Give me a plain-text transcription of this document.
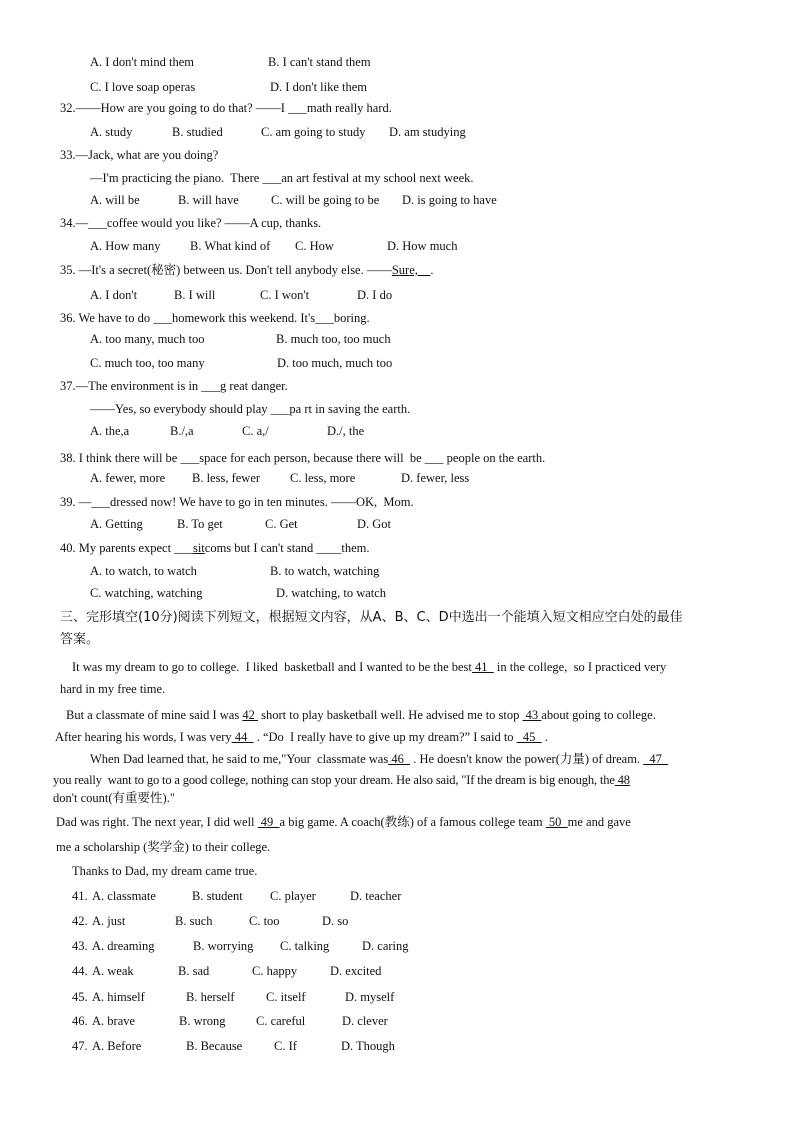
A. I don't mind them	B. I can't stand them
C. I love soap operas	D. I don't like them
32.——How are you going to do that? ——I ___math really hard.
A. study	B. studied	C. am going to study D. am studying
33.—Jack, what are you doing?
—I'm practicing the piano.  There ___an art festival at my school next week.
A. will be	B. will have	C. will be going to be D. is going to have
34.—___coffee would you like? ——A cup, thanks.
A. How many B. What kind of C. How	D. How much
35. —It's a secret(秘密) between us. Don't tell anybody else. ——Sure,    .
A. I don't	B. I will	C. I won't	D. I do
36. We have to do ___homework this weekend. It's___boring.
A. too many, much too	B. much too, too much
C. much too, too many	D. too much, much too
37.—The environment is in ___g reat danger.
——Yes, so everybody should play ___pa rt in saving the earth.
A. the,a	B./,a	C. a,/	D./, the
38. I think there will be ___space for each person, because there will  be ___ people on the earth.
A. fewer, more B. less, fewer C. less, more	D. fewer, less
39. —___dressed now! We have to go in ten minutes. ——OK,  Mom.
A. Getting	B. To get	C. Get	D. Got
40. My parents expect ___sitcoms but I can't stand ____them.
A. to watch, to watch	B. to watch, watching
C. watching, watching	D. watching, to watch
三、完形填空(10分)阅读下列短文，根据短文内容，从A、B、C、D中选出一个能填入短文相应空白处的最佳
答案。
It was my dream to go to college.  I liked  basketball and I wanted to be the best 41   in the college,  so I practiced very
hard in my free time.
But a classmate of mine said I was 42  short to play basketball well. He advised me to stop  43 about going to college.
After hearing his words, I was very 44   . “Do  I really have to give up my dream?” I said to   45   .
When Dad learned that, he said to me,"Your  classmate was 46   . He doesn't know the power(力量) of dream.   47
you really  want to go to a good college, nothing can stop your dream. He also said, "If the dream is big enough, the 48
don't count(有重要性)."
Dad was right. The next year, I did well  49  a big game. A coach(教练) of a famous college team  50  me and gave
me a scholarship (奖学金) to their college.
Thanks to Dad, my dream came true.
41. A. classmate	B. student C. player	D. teacher
42. A. just	B. such	C. too	D. so
43. A. dreaming	B. worrying C. talking	D. caring
44. A. weak	B. sad	C. happy	D. excited
45. A. himself	B. herself	C. itself	D. myself
46. A. brave	B. wrong C. careful	D. clever
47. A. Before	B. Because	C. If	D. Though
